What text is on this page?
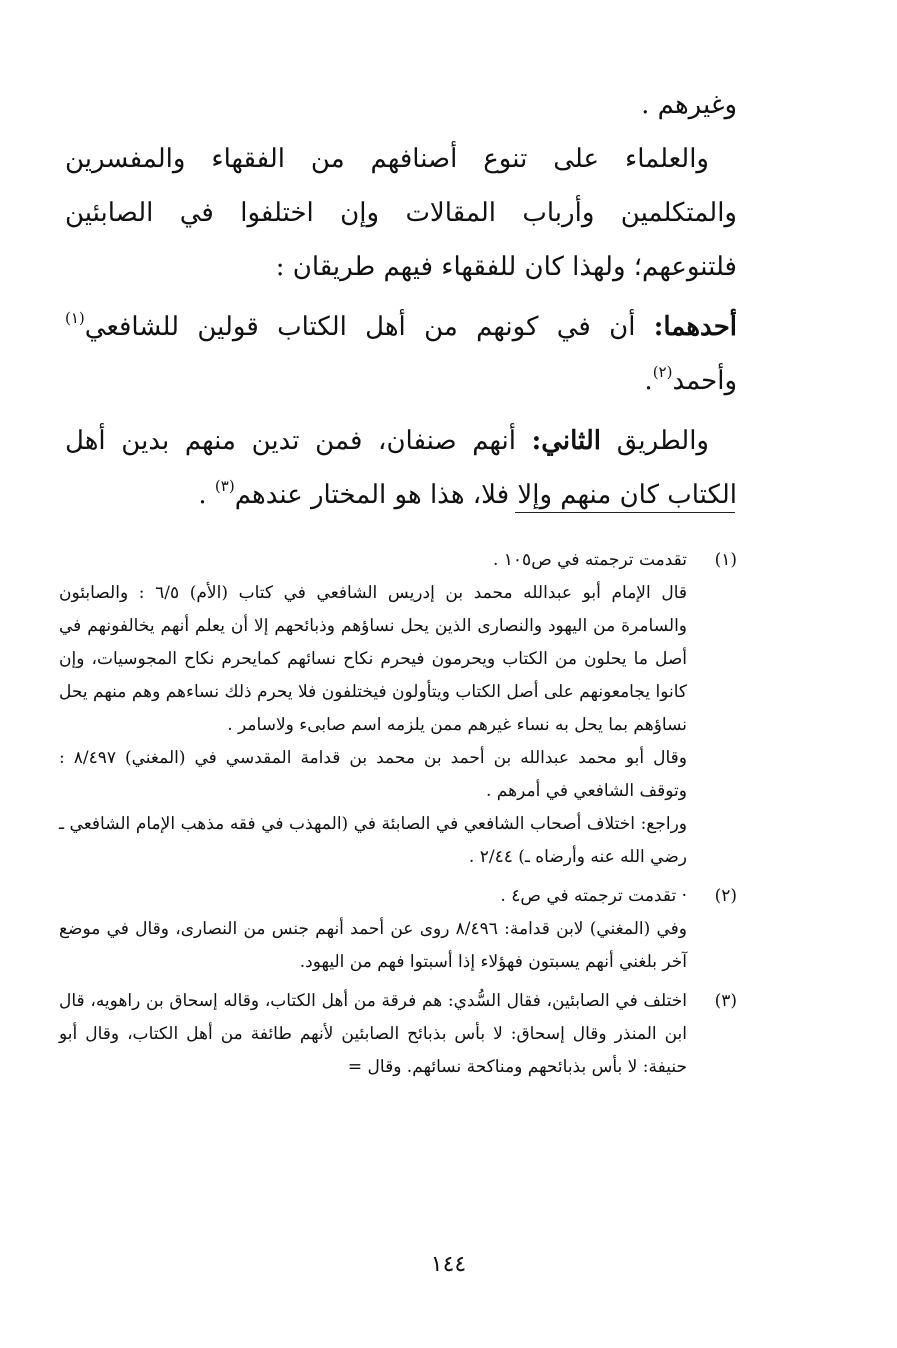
وغيرهم .

والعلماء على تنوع أصنافهم من الفقهاء والمفسرين والمتكلمين وأرباب المقالات وإن اختلفوا في الصابئين فلتنوعهم؛ ولهذا كان للفقهاء فيهم طريقان :

أحدهما: أن في كونهم من أهل الكتاب قولين للشافعي$^{(١)}$ وأحمد$^{(٢)}$.

والطريق الثاني: أنهم صنفان، فمن تدين منهم بدين أهل الكتاب كان منهم وإلا فلا، هذا هو المختار عندهم$^{(٣)}$ .

(١)

تقدمت ترجمته في ص١٠٥ .

قال الإمام أبو عبدالله محمد بن إدريس الشافعي في كتاب (الأم) ٦/٥ : والصابئون والسامرة من اليهود والنصارى الذين يحل نساؤهم وذبائحهم إلا أن يعلم أنهم يخالفونهم في أصل ما يحلون من الكتاب ويحرمون فيحرم نكاح نسائهم كمايحرم نكاح المجوسيات، وإن كانوا يجامعونهم على أصل الكتاب ويتأولون فيختلفون فلا يحرم ذلك نساءهم وهم منهم يحل نساؤهم بما يحل به نساء غيرهم ممن يلزمه اسم صابىء ولاسامر .

وقال أبو محمد عبدالله بن أحمد بن محمد بن قدامة المقدسي في (المغني) ٨/٤٩٧ : وتوقف الشافعي في أمرهم .

وراجع: اختلاف أصحاب الشافعي في الصابئة في (المهذب في فقه مذهب الإمام الشافعي ـ رضي الله عنه وأرضاه ـ) ٢/٤٤ .

(٢)

· تقدمت ترجمته في ص٤ .

وفي (المغني) لابن قدامة: ٨/٤٩٦ روى عن أحمد أنهم جنس من النصارى، وقال في موضع آخر بلغني أنهم يسبتون فهؤلاء إذا أسبتوا فهم من اليهود.

(٣)

اختلف في الصابئين، فقال السُّدي: هم فرقة من أهل الكتاب، وقاله إسحاق بن راهويه، قال ابن المنذر وقال إسحاق: لا بأس بذبائح الصابئين لأنهم طائفة من أهل الكتاب، وقال أبو حنيفة: لا بأس بذبائحهم ومناكحة نسائهم. وقال =

١٤٤
